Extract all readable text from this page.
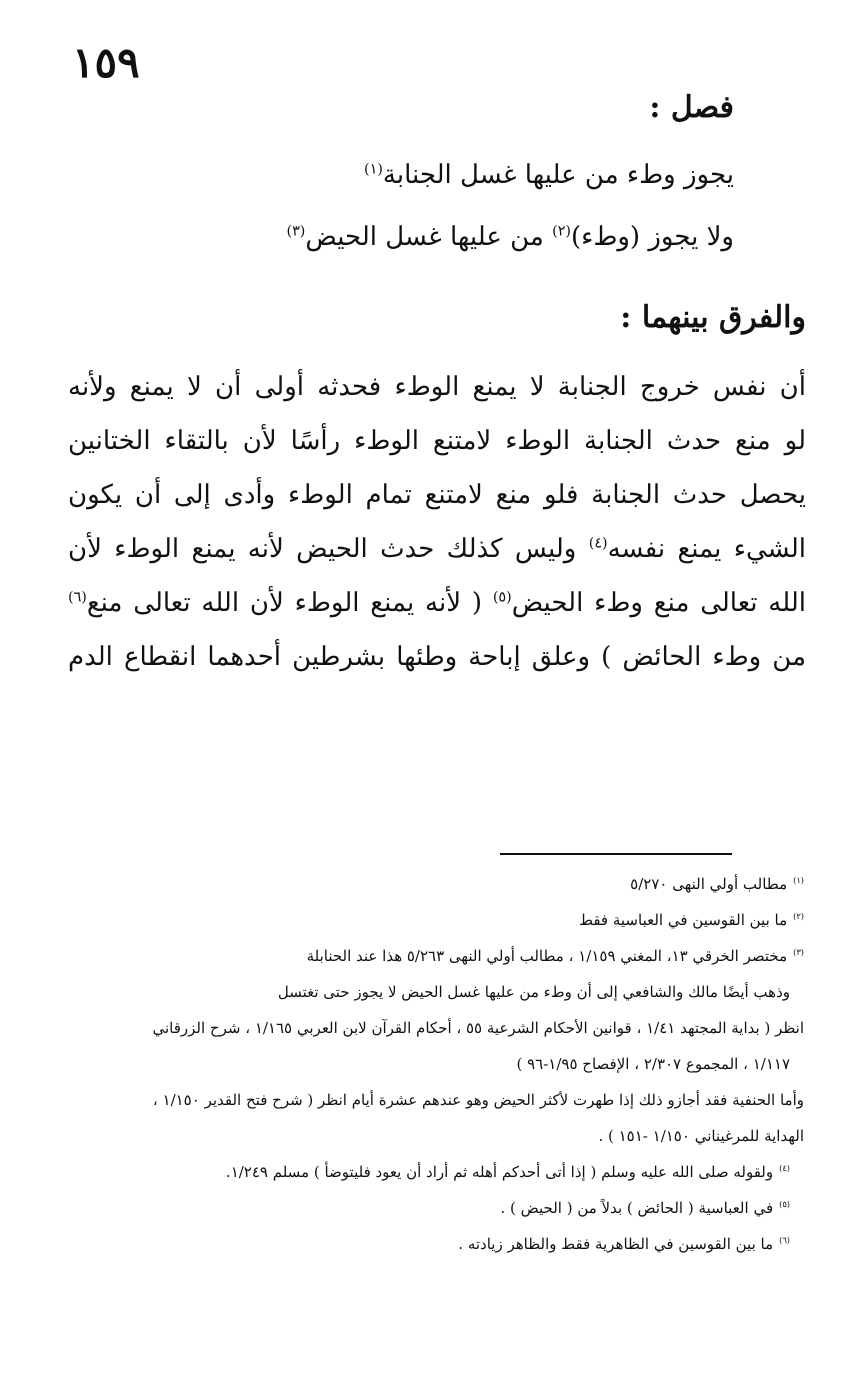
١٥٩
فصل :
يجوز وطء من عليها غسل الجنابة$^{(١)}$
ولا يجوز (وطء)$^{(٢)}$ من عليها غسل الحيض$^{(٣)}$
والفرق بينهما :
أن نفس خروج الجنابة لا يمنع الوطء فحدثه أولى أن لا يمنع ولأنه
لو منع حدث الجنابة الوطء لامتنع الوطء رأسًا لأن بالتقاء الختانين
يحصل حدث الجنابة فلو منع لامتنع تمام الوطء وأدى إلى أن يكون
الشيء يمنع نفسه$^{(٤)}$ وليس كذلك حدث الحيض لأنه يمنع الوطء لأن
الله تعالى منع وطء الحيض$^{(٥)}$ ( لأنه يمنع الوطء لأن الله تعالى منع$^{(٦)}$
من وطء الحائض ) وعلق إباحة وطئها بشرطين أحدهما انقطاع الدم
$^{(١)}$مطالب أولي النهى ٥/٢٧٠
$^{(٢)}$ما بين القوسين في العباسية فقط
$^{(٣)}$مختصر الخرقي ١٣، المغني ١/١٥٩ ، مطالب أولي النهى ٥/٢٦٣ هذا عند الحنابلة
وذهب أيضًا مالك والشافعي إلى أن وطء من عليها غسل الحيض لا يجوز حتى تغتسل
انظر ( بداية المجتهد ١/٤١ ، قوانين الأحكام الشرعية ٥٥ ، أحكام القرآن لابن العربي ١/١٦٥ ، شرح الزرقاني
١/١١٧ ، المجموع ٢/٣٠٧ ، الإفصاح ١/٩٥-٩٦ )
وأما الحنفية فقد أجازو ذلك إذا طهرت لأكثر الحيض وهو عندهم عشرة أيام انظر ( شرح فتح القدير ١/١٥٠ ،
الهداية للمرغيناني ١/١٥٠ -١٥١ ) .
$^{(٤)}$ولقوله صلى الله عليه وسلم ( إذا أتى أحدكم أهله ثم أراد أن يعود فليتوضأ ) مسلم ١/٢٤٩.
$^{(٥)}$في العباسية ( الحائض ) بدلاً من ( الحيض ) .
$^{(٦)}$ما بين القوسين في الظاهرية فقط والظاهر زيادته .
